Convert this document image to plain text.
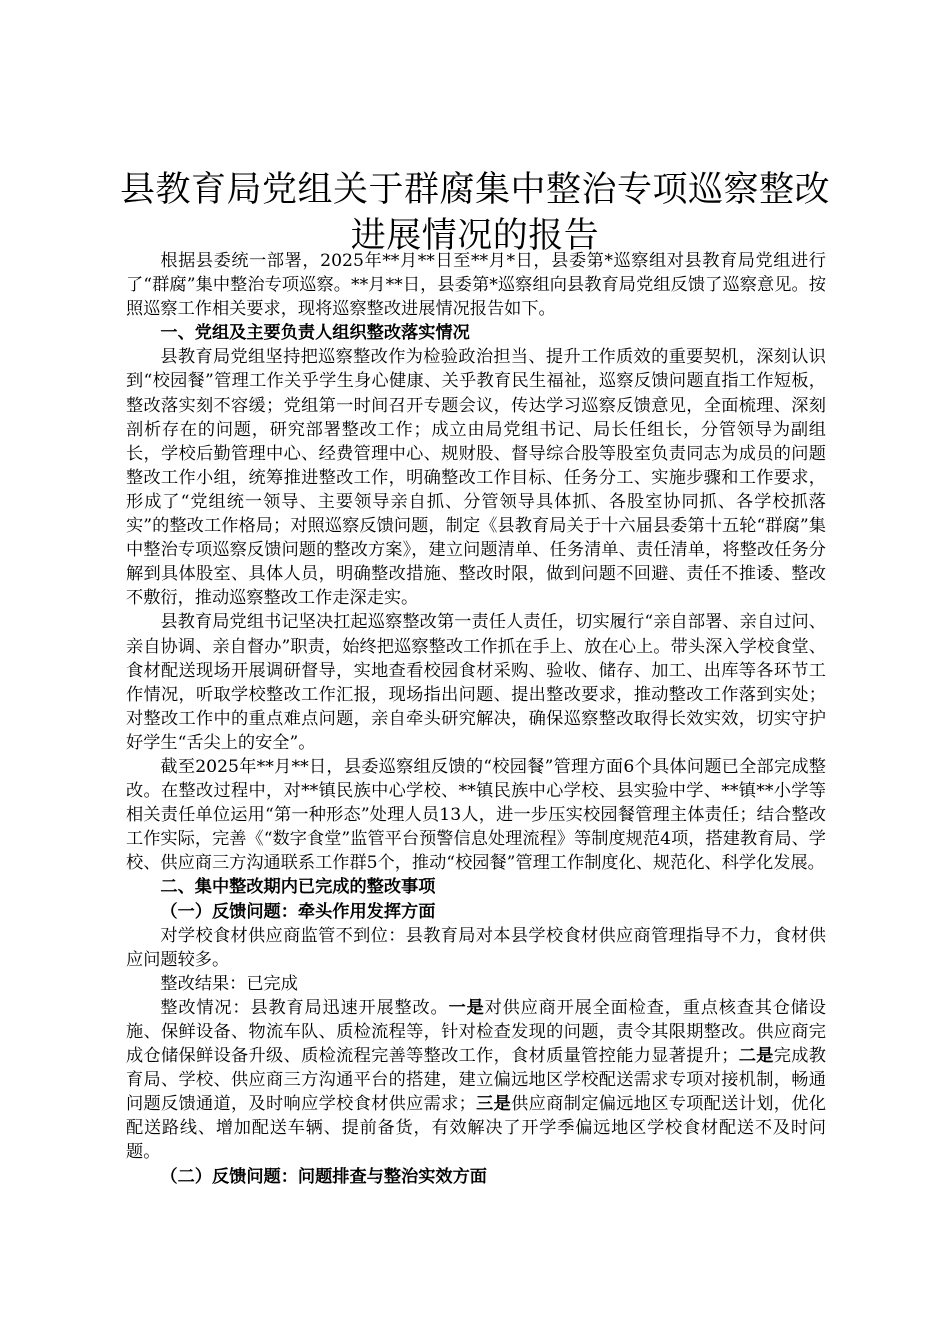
县教育局党组关于群腐集中整治专项巡察整改
进展情况的报告

根据县委统一部署，2025年**月**日至**月*日，县委第*巡察组对县教育局党组进行了“群腐”集中整治专项巡察。**月**日，县委第*巡察组向县教育局党组反馈了巡察意见。按照巡察工作相关要求，现将巡察整改进展情况报告如下。

一、党组及主要负责人组织整改落实情况

县教育局党组坚持把巡察整改作为检验政治担当、提升工作质效的重要契机，深刻认识到“校园餐”管理工作关乎学生身心健康、关乎教育民生福祉，巡察反馈问题直指工作短板，整改落实刻不容缓；党组第一时间召开专题会议，传达学习巡察反馈意见，全面梳理、深刻剖析存在的问题，研究部署整改工作；成立由局党组书记、局长任组长，分管领导为副组长，学校后勤管理中心、经费管理中心、规财股、督导综合股等股室负责同志为成员的问题整改工作小组，统筹推进整改工作，明确整改工作目标、任务分工、实施步骤和工作要求，形成了“党组统一领导、主要领导亲自抓、分管领导具体抓、各股室协同抓、各学校抓落实”的整改工作格局；对照巡察反馈问题，制定《县教育局关于十六届县委第十五轮“群腐”集中整治专项巡察反馈问题的整改方案》，建立问题清单、任务清单、责任清单，将整改任务分解到具体股室、具体人员，明确整改措施、整改时限，做到问题不回避、责任不推诿、整改不敷衍，推动巡察整改工作走深走实。

县教育局党组书记坚决扛起巡察整改第一责任人责任，切实履行“亲自部署、亲自过问、亲自协调、亲自督办”职责，始终把巡察整改工作抓在手上、放在心上。带头深入学校食堂、食材配送现场开展调研督导，实地查看校园食材采购、验收、储存、加工、出库等各环节工作情况，听取学校整改工作汇报，现场指出问题、提出整改要求，推动整改工作落到实处；对整改工作中的重点难点问题，亲自牵头研究解决，确保巡察整改取得长效实效，切实守护好学生“舌尖上的安全”。

截至2025年**月**日，县委巡察组反馈的“校园餐”管理方面6个具体问题已全部完成整改。在整改过程中，对**镇民族中心学校、**镇民族中心学校、县实验中学、**镇**小学等相关责任单位运用“第一种形态”处理人员13人，进一步压实校园餐管理主体责任；结合整改工作实际，完善《“数字食堂”监管平台预警信息处理流程》等制度规范4项，搭建教育局、学校、供应商三方沟通联系工作群5个，推动“校园餐”管理工作制度化、规范化、科学化发展。

二、集中整改期内已完成的整改事项

（一）反馈问题：牵头作用发挥方面

对学校食材供应商监管不到位：县教育局对本县学校食材供应商管理指导不力，食材供应问题较多。

整改结果：已完成

整改情况：县教育局迅速开展整改。一是对供应商开展全面检查，重点核查其仓储设施、保鲜设备、物流车队、质检流程等，针对检查发现的问题，责令其限期整改。供应商完成仓储保鲜设备升级、质检流程完善等整改工作，食材质量管控能力显著提升；二是完成教育局、学校、供应商三方沟通平台的搭建，建立偏远地区学校配送需求专项对接机制，畅通问题反馈通道，及时响应学校食材供应需求；三是供应商制定偏远地区专项配送计划，优化配送路线、增加配送车辆、提前备货，有效解决了开学季偏远地区学校食材配送不及时问题。

（二）反馈问题：问题排查与整治实效方面
